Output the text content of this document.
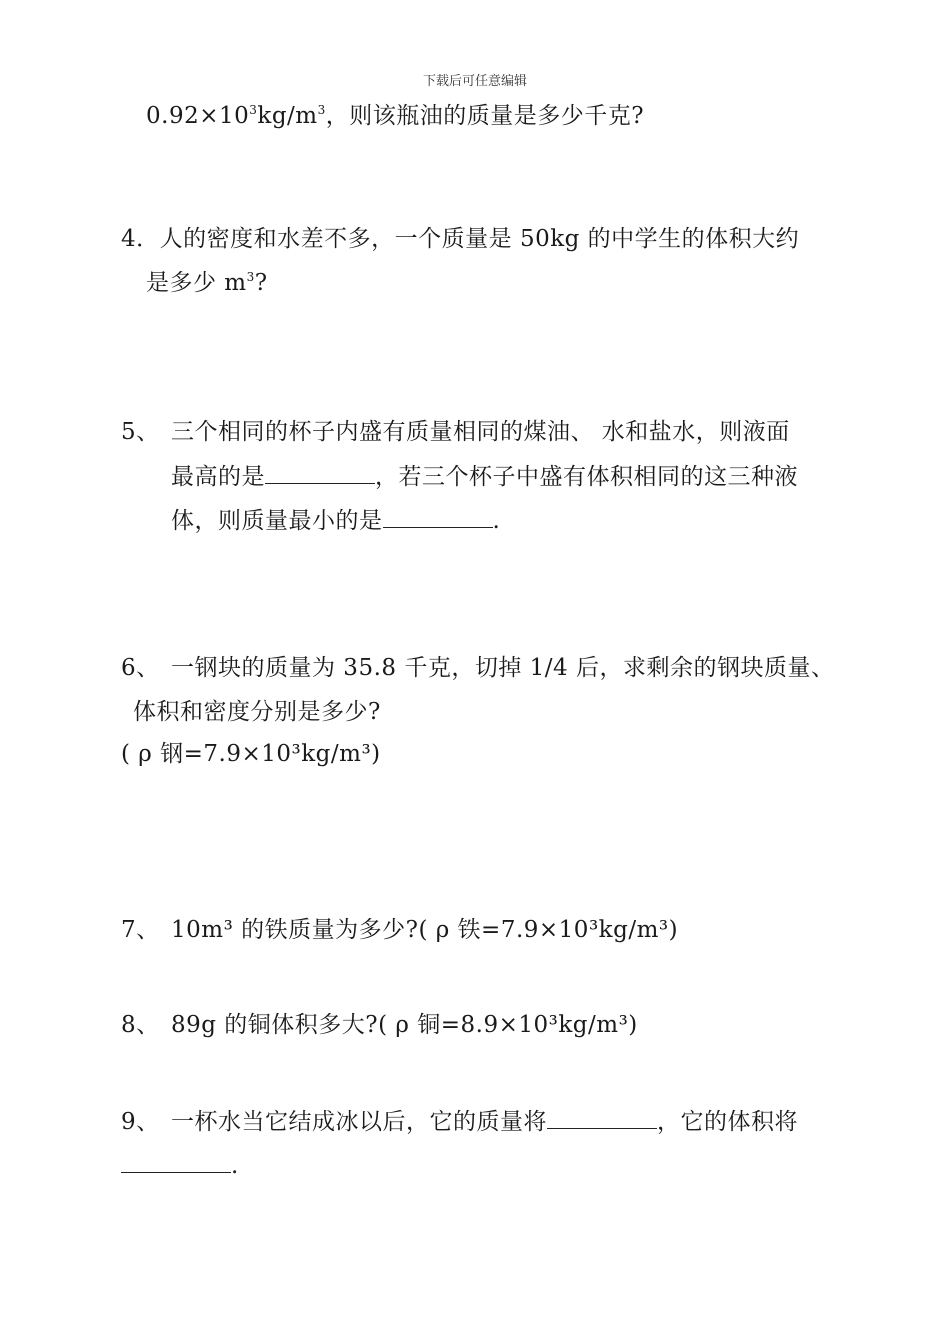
下载后可任意编辑
$0.92\times 10^3kg/m^3$，则该瓶油的质量是多少千克?
4．人的密度和水差不多，一个质量是 50kg 的中学生的体积大约
是多少 $m^3$?
5、 三个相同的杯子内盛有质量相同的煤油、 水和盐水，则液面
最高的是	，若三个杯子中盛有体积相同的这三种液
体，则质量最小的是	.
6、 一钢块的质量为 35.8 千克，切掉 1/4 后，求剩余的钢块质量、
体积和密度分别是多少?
( ρ 钢=7.9×10³kg/m³)
7、 10m³ 的铁质量为多少?( ρ 铁=7.9×10³kg/m³)
8、 89g 的铜体积多大?( ρ 铜=8.9×10³kg/m³)
9、 一杯水当它结成冰以后，它的质量将	，它的体积将
.
